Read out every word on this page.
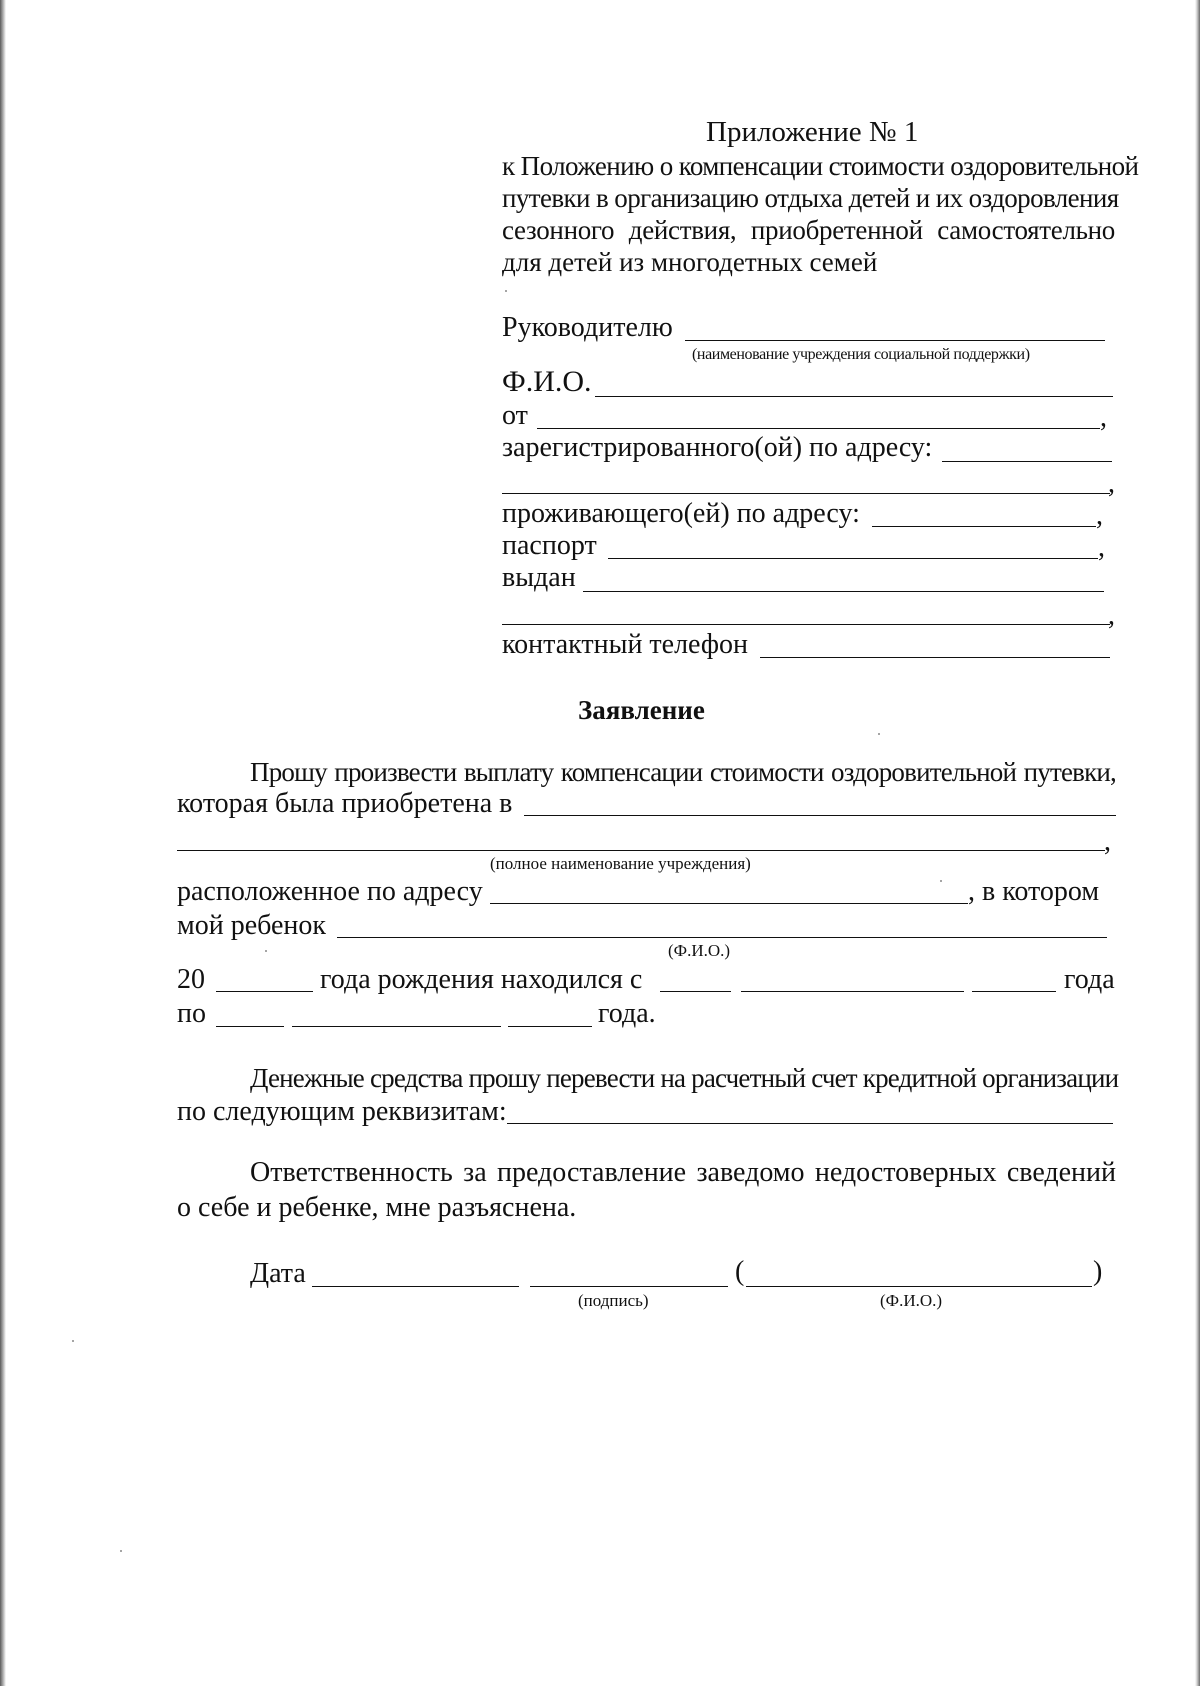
Приложение № 1
к Положению о компенсации стоимости оздоровительной
путевки в организацию отдыха детей и их оздоровления
сезонного действия, приобретенной самостоятельно
для детей из многодетных семей
Руководителю
(наименование учреждения социальной поддержки)
Ф.И.О.
от	,
зарегистрированного(ой) по адресу:
,
проживающего(ей) по адресу:	,
паспорт	,
выдан
,
контактный телефон
Заявление
Прошу произвести выплату компенсации стоимости оздоровительной путевки,
которая была приобретена в
,
(полное наименование учреждения)
расположенное по адресу	, в котором
мой ребенок
(Ф.И.О.)
20	года рождения находился с	года
по	года.
Денежные средства прошу перевести на расчетный счет кредитной организации
по следующим реквизитам:
Ответственность за предоставление заведомо недостоверных сведений
о себе и ребенке, мне разъяснена.
Дата
(подпись)
(	)
(Ф.И.О.)
